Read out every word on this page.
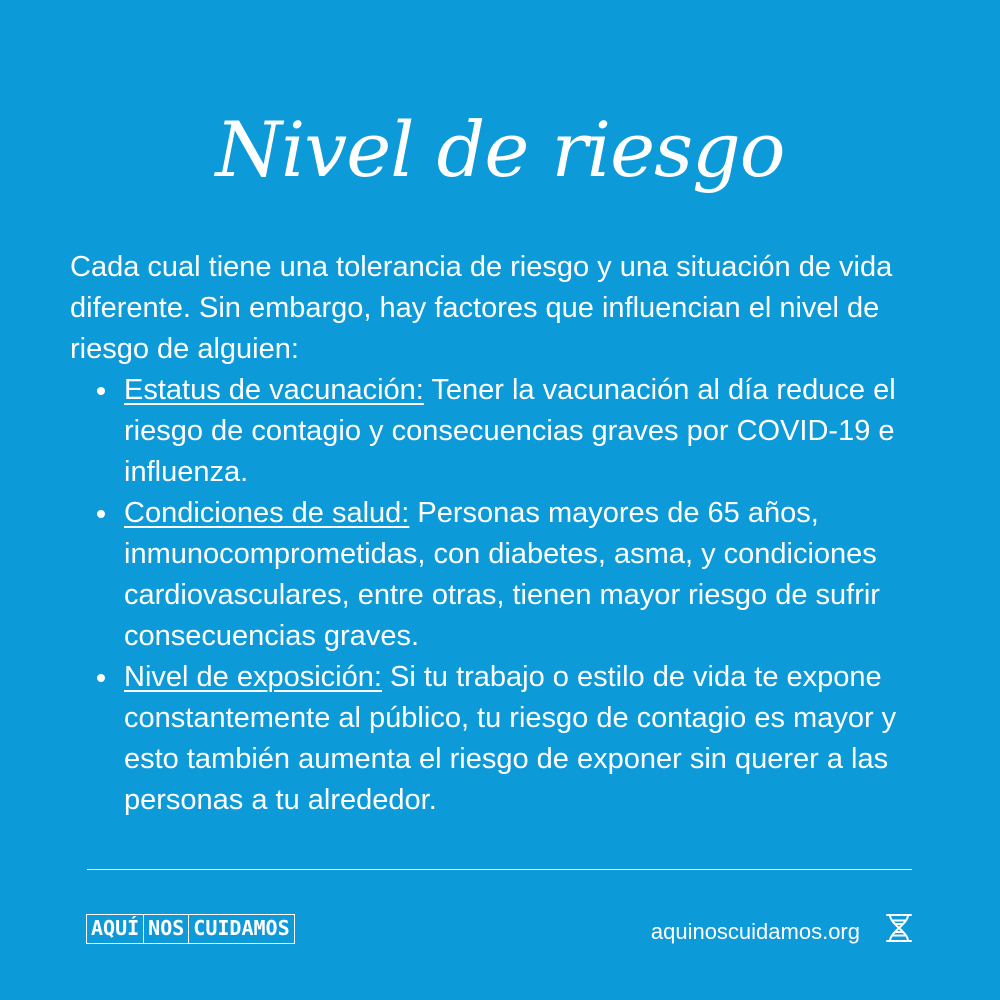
Nivel de riesgo

Cada cual tiene una tolerancia de riesgo y una situación de vida diferente. Sin embargo, hay factores que influencian el nivel de riesgo de alguien:

Estatus de vacunación: Tener la vacunación al día reduce el riesgo de contagio y consecuencias graves por COVID-19 e influenza.
Condiciones de salud: Personas mayores de 65 años, inmunocomprometidas, con diabetes, asma, y condiciones cardiovasculares, entre otras, tienen mayor riesgo de sufrir consecuencias graves.
Nivel de exposición: Si tu trabajo o estilo de vida te expone constantemente al público, tu riesgo de contagio es mayor y esto también aumenta el riesgo de exponer sin querer a las personas a tu alrededor.
AQUÍ NOS CUIDAMOS	aquinoscuidamos.org
